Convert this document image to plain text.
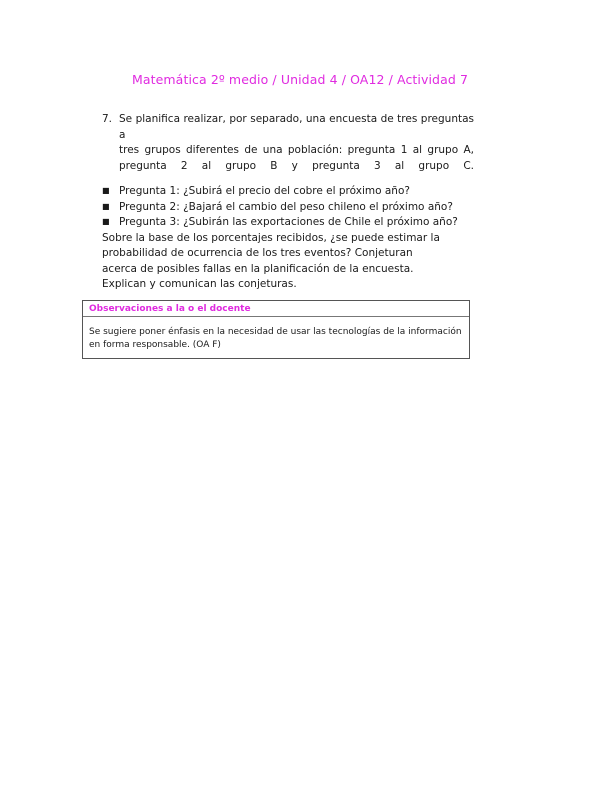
Matemática 2º medio / Unidad 4 / OA12 / Actividad 7
7. Se planifica realizar, por separado, una encuesta de tres preguntas a
tres grupos diferentes de una población: pregunta 1 al grupo A,
pregunta 2 al grupo B y pregunta 3 al grupo C.
■ Pregunta 1: ¿Subirá el precio del cobre el próximo año?
■ Pregunta 2: ¿Bajará el cambio del peso chileno el próximo año?
■ Pregunta 3: ¿Subirán las exportaciones de Chile el próximo año?

Sobre la base de los porcentajes recibidos, ¿se puede estimar la probabilidad de ocurrencia de los tres eventos? Conjeturan acerca de posibles fallas en la planificación de la encuesta. Explican y comunican las conjeturas.

Observaciones a la o el docente
Se sugiere poner énfasis en la necesidad de usar las tecnologías de la información en forma responsable. (OA F)
